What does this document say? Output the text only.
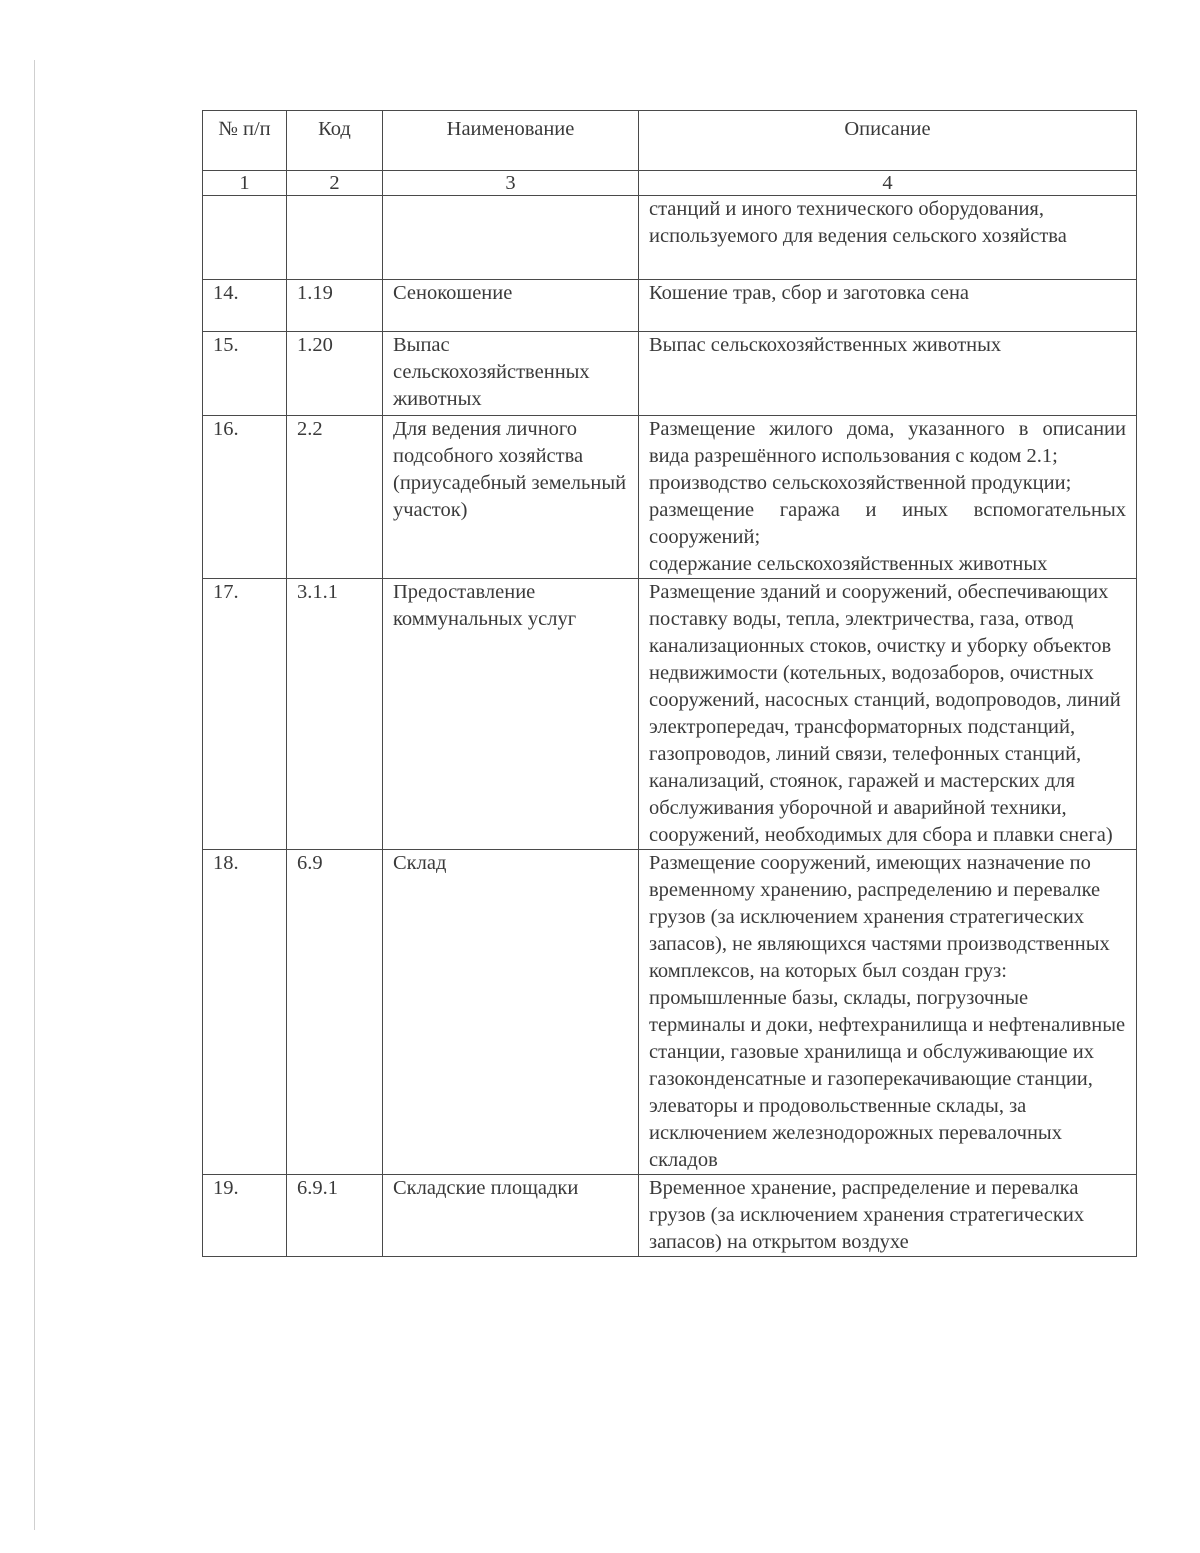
№ п/п	Код	Наименование	Описание
1	2	3	4

			станций и иного технического оборудования, используемого для ведения сельского хозяйства

14.	1.19	Сенокошение	Кошение трав, сбор и заготовка сена

15.	1.20	Выпас сельскохозяйственных животных	Выпас сельскохозяйственных животных

16.	2.2	Для ведения личного подсобного хозяйства (приусадебный земельный участок)	Размещение жилого дома, указанного в описании вида разрешённого использования с кодом 2.1;
производство сельскохозяйственной продукции;
размещение гаража и иных вспомогательных сооружений;
содержание сельскохозяйственных животных

17.	3.1.1	Предоставление коммунальных услуг	Размещение зданий и сооружений, обеспечивающих поставку воды, тепла, электричества, газа, отвод канализационных стоков, очистку и уборку объектов недвижимости (котельных, водозаборов, очистных сооружений, насосных станций, водопроводов, линий электропередач, трансформаторных подстанций, газопроводов, линий связи, телефонных станций, канализаций, стоянок, гаражей и мастерских для обслуживания уборочной и аварийной техники, сооружений, необходимых для сбора и плавки снега)

18.	6.9	Склад	Размещение сооружений, имеющих назначение по временному хранению, распределению и перевалке грузов (за исключением хранения стратегических запасов), не являющихся частями производственных комплексов, на которых был создан груз: промышленные базы, склады, погрузочные терминалы и доки, нефтехранилища и нефтеналивные станции, газовые хранилища и обслуживающие их газоконденсатные и газоперекачивающие станции, элеваторы и продовольственные склады, за исключением железнодорожных перевалочных складов

19.	6.9.1	Складские площадки	Временное хранение, распределение и перевалка грузов (за исключением хранения стратегических запасов) на открытом воздухе
